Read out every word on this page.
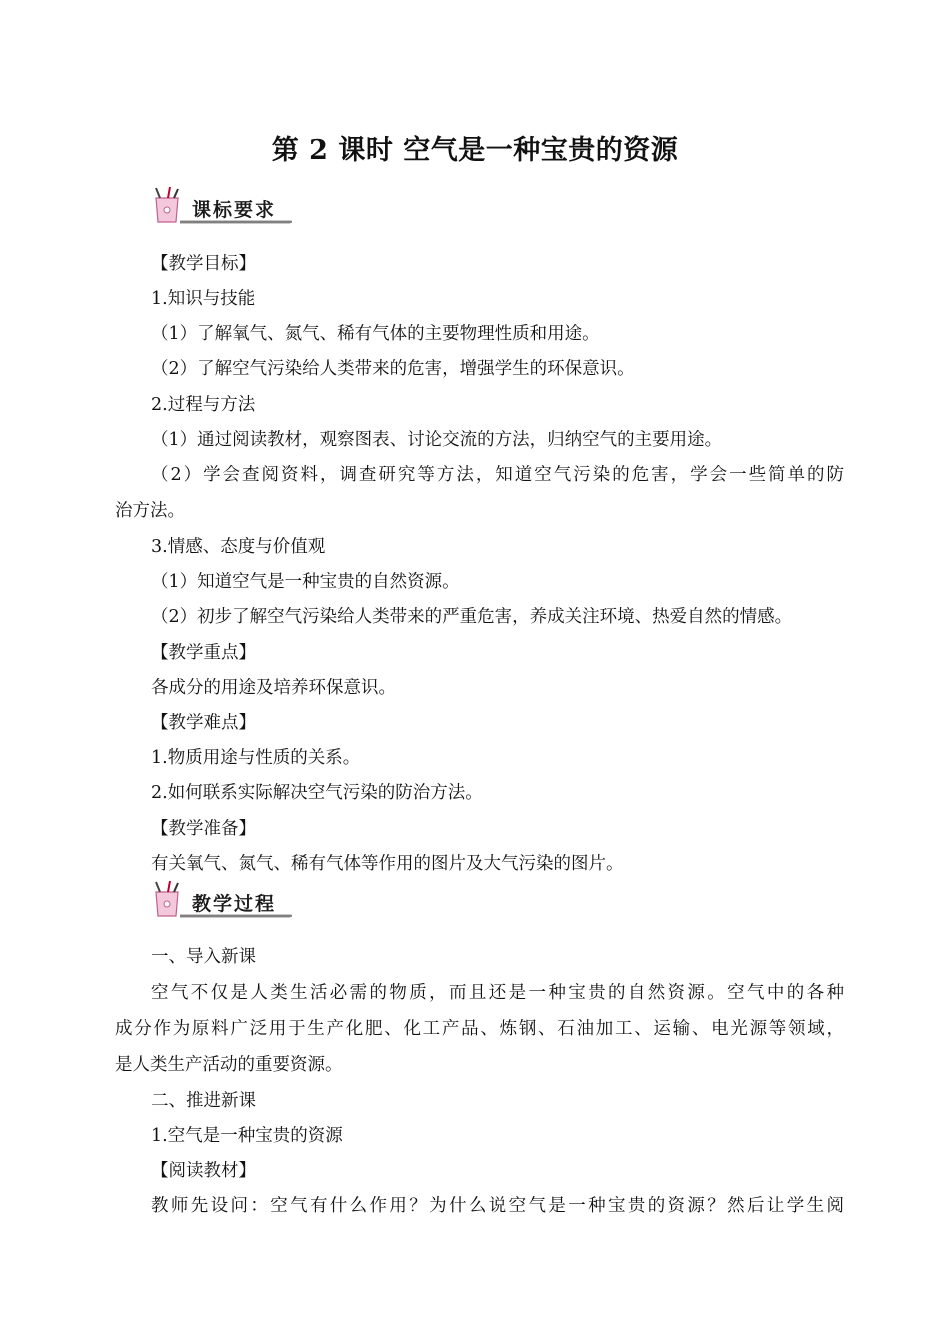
第 2 课时 空气是一种宝贵的资源
课标要求
【教学目标】
1.知识与技能
（1）了解氧气、氮气、稀有气体的主要物理性质和用途。
（2）了解空气污染给人类带来的危害，增强学生的环保意识。
2.过程与方法
（1）通过阅读教材，观察图表、讨论交流的方法，归纳空气的主要用途。
（2）学会查阅资料，调查研究等方法，知道空气污染的危害，学会一些简单的防
治方法。
3.情感、态度与价值观
（1）知道空气是一种宝贵的自然资源。
（2）初步了解空气污染给人类带来的严重危害，养成关注环境、热爱自然的情感。
【教学重点】
各成分的用途及培养环保意识。
【教学难点】
1.物质用途与性质的关系。
2.如何联系实际解决空气污染的防治方法。
【教学准备】
有关氧气、氮气、稀有气体等作用的图片及大气污染的图片。
教学过程
一、导入新课
空气不仅是人类生活必需的物质，而且还是一种宝贵的自然资源。空气中的各种
成分作为原料广泛用于生产化肥、化工产品、炼钢、石油加工、运输、电光源等领域，
是人类生产活动的重要资源。
二、推进新课
1.空气是一种宝贵的资源
【阅读教材】
教师先设问：空气有什么作用？为什么说空气是一种宝贵的资源？然后让学生阅
